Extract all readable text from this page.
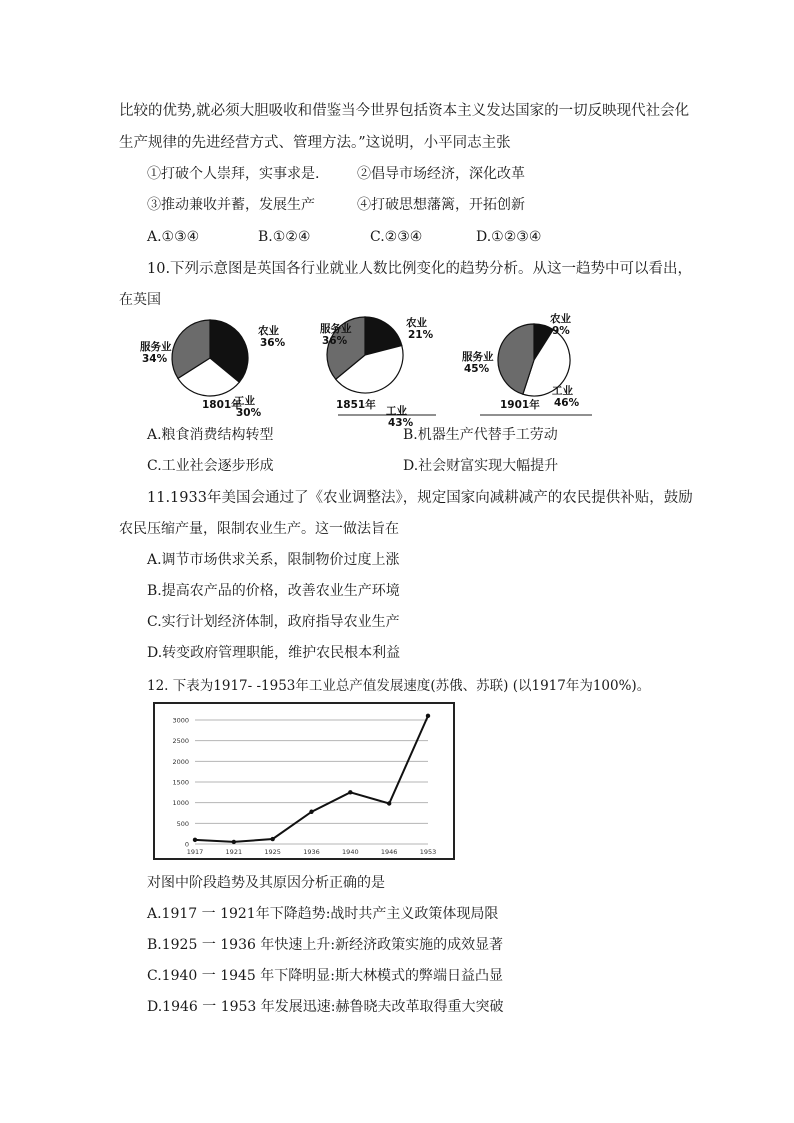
比较的优势,就必须大胆吸收和借鉴当今世界包括资本主义发达国家的一切反映现代社会化
生产规律的先进经营方式、管理方法。”这说明，小平同志主张
①打破个人崇拜，实事求是.	②倡导市场经济，深化改革
③推动兼收并蓄，发展生产	④打破思想藩篱，开拓创新
A.①③④	B.①②④	C.②③④	D.①②③④
10.下列示意图是英国各行业就业人数比例变化的趋势分析。从这一趋势中可以看出，
在英国
服务业
34%
农业
36%
工业
30%
1801年
服务业
36%
农业
21%
工业
43%
1851年
服务业
45%
农业
9%
工业
46%
1901年
A.粮食消费结构转型	B.机器生产代替手工劳动
C.工业社会逐步形成	D.社会财富实现大幅提升
11.1933年美国会通过了《农业调整法》，规定国家向减耕减产的农民提供补贴，鼓励
农民压缩产量，限制农业生产。这一做法旨在
A.调节市场供求关系，限制物价过度上涨
B.提高农产品的价格，改善农业生产环境
C.实行计划经济体制，政府指导农业生产
D.转变政府管理职能，维护农民根本利益
12. 下表为1917- -1953年工业总产值发展速度(苏俄、苏联) (以1917年为100%)。
0
500
1000
1500
2000
2500
3000
1917	1921	1925	1936	1940	1946	1953
对图中阶段趋势及其原因分析正确的是
A.1917 一 1921年下降趋势:战时共产主义政策体现局限
B.1925 一 1936 年快速上升:新经济政策实施的成效显著
C.1940 一 1945 年下降明显:斯大林模式的弊端日益凸显
D.1946 一 1953 年发展迅速:赫鲁晓夫改革取得重大突破
